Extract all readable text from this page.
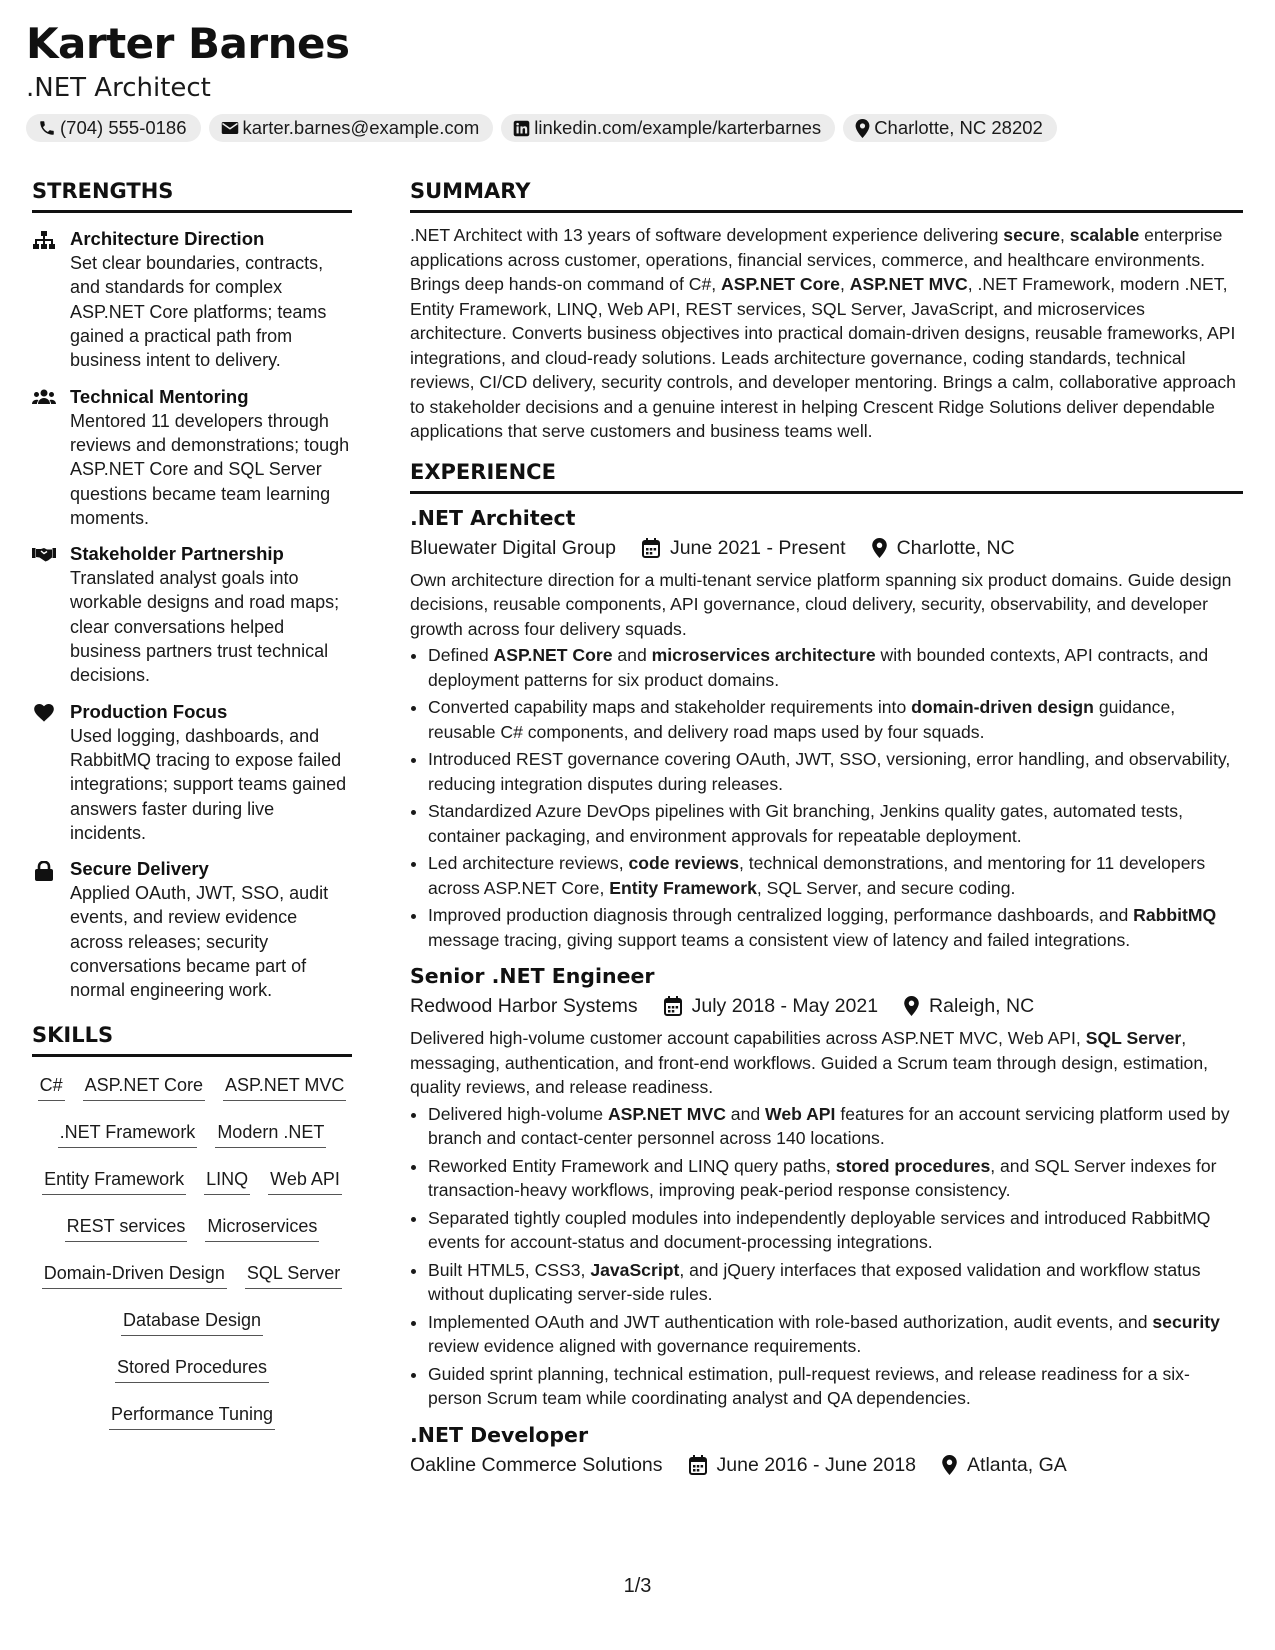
Karter Barnes
.NET Architect
(704) 555-0186	karter.barnes@example.com	linkedin.com/example/karterbarnes	Charlotte, NC 28202
STRENGTHS
Architecture Direction
Set clear boundaries, contracts, and standards for complex ASP.NET Core platforms; teams gained a practical path from business intent to delivery.
Technical Mentoring
Mentored 11 developers through reviews and demonstrations; tough ASP.NET Core and SQL Server questions became team learning moments.
Stakeholder Partnership
Translated analyst goals into workable designs and road maps; clear conversations helped business partners trust technical decisions.
Production Focus
Used logging, dashboards, and RabbitMQ tracing to expose failed integrations; support teams gained answers faster during live incidents.
Secure Delivery
Applied OAuth, JWT, SSO, audit events, and review evidence across releases; security conversations became part of normal engineering work.
SKILLS
C# ASP.NET Core ASP.NET MVC
.NET Framework Modern .NET
Entity Framework LINQ Web API
REST services Microservices
Domain-Driven Design SQL Server
Database Design
Stored Procedures
Performance Tuning
SUMMARY
.NET Architect with 13 years of software development experience delivering secure, scalable enterprise applications across customer, operations, financial services, commerce, and healthcare environments. Brings deep hands-on command of C#, ASP.NET Core, ASP.NET MVC, .NET Framework, modern .NET, Entity Framework, LINQ, Web API, REST services, SQL Server, JavaScript, and microservices architecture. Converts business objectives into practical domain-driven designs, reusable frameworks, API integrations, and cloud-ready solutions. Leads architecture governance, coding standards, technical reviews, CI/CD delivery, security controls, and developer mentoring. Brings a calm, collaborative approach to stakeholder decisions and a genuine interest in helping Crescent Ridge Solutions deliver dependable applications that serve customers and business teams well.
EXPERIENCE
.NET Architect
Bluewater Digital Group	June 2021 - Present	Charlotte, NC
Own architecture direction for a multi-tenant service platform spanning six product domains. Guide design decisions, reusable components, API governance, cloud delivery, security, observability, and developer growth across four delivery squads.
• Defined ASP.NET Core and microservices architecture with bounded contexts, API contracts, and deployment patterns for six product domains.
• Converted capability maps and stakeholder requirements into domain-driven design guidance, reusable C# components, and delivery road maps used by four squads.
• Introduced REST governance covering OAuth, JWT, SSO, versioning, error handling, and observability, reducing integration disputes during releases.
• Standardized Azure DevOps pipelines with Git branching, Jenkins quality gates, automated tests, container packaging, and environment approvals for repeatable deployment.
• Led architecture reviews, code reviews, technical demonstrations, and mentoring for 11 developers across ASP.NET Core, Entity Framework, SQL Server, and secure coding.
• Improved production diagnosis through centralized logging, performance dashboards, and RabbitMQ message tracing, giving support teams a consistent view of latency and failed integrations.
Senior .NET Engineer
Redwood Harbor Systems	July 2018 - May 2021	Raleigh, NC
Delivered high-volume customer account capabilities across ASP.NET MVC, Web API, SQL Server, messaging, authentication, and front-end workflows. Guided a Scrum team through design, estimation, quality reviews, and release readiness.
• Delivered high-volume ASP.NET MVC and Web API features for an account servicing platform used by branch and contact-center personnel across 140 locations.
• Reworked Entity Framework and LINQ query paths, stored procedures, and SQL Server indexes for transaction-heavy workflows, improving peak-period response consistency.
• Separated tightly coupled modules into independently deployable services and introduced RabbitMQ events for account-status and document-processing integrations.
• Built HTML5, CSS3, JavaScript, and jQuery interfaces that exposed validation and workflow status without duplicating server-side rules.
• Implemented OAuth and JWT authentication with role-based authorization, audit events, and security review evidence aligned with governance requirements.
• Guided sprint planning, technical estimation, pull-request reviews, and release readiness for a six-person Scrum team while coordinating analyst and QA dependencies.
.NET Developer
Oakline Commerce Solutions	June 2016 - June 2018	Atlanta, GA
1/3
